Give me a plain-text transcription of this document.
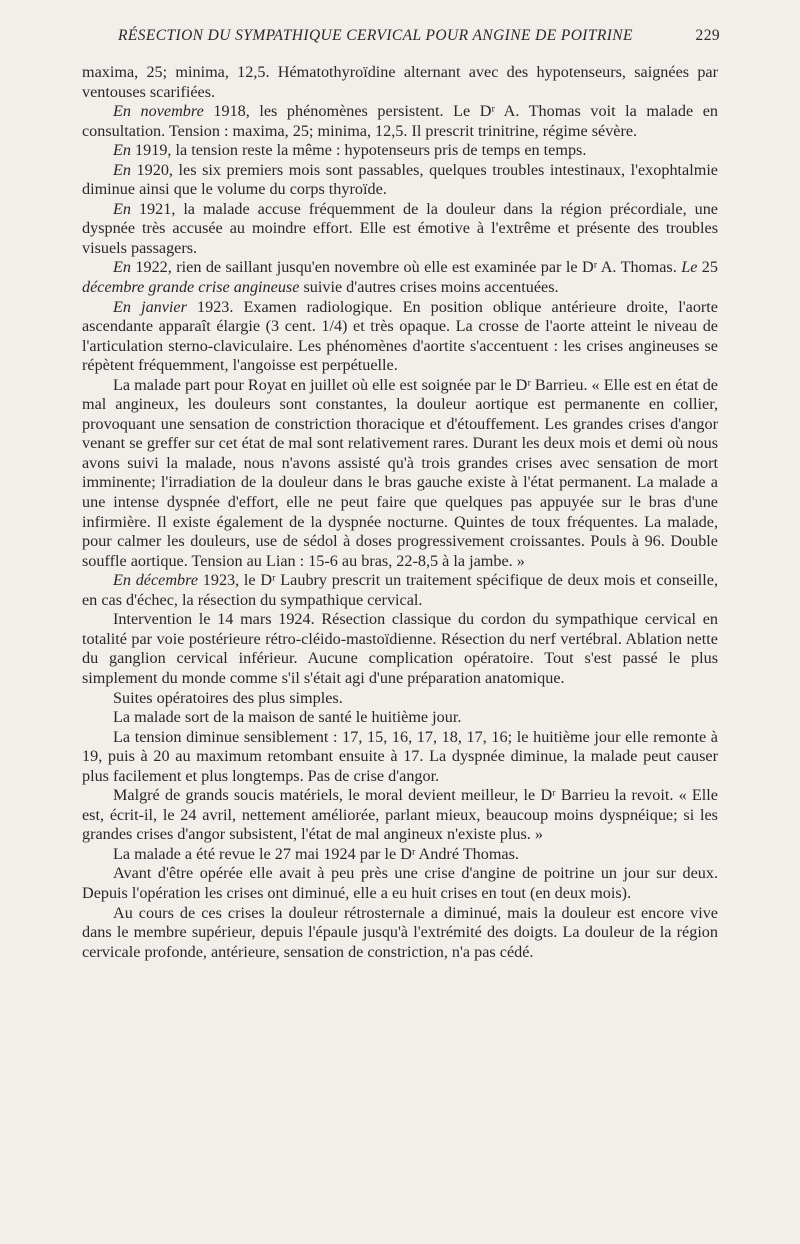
RÉSECTION DU SYMPATHIQUE CERVICAL POUR ANGINE DE POITRINE	229

maxima, 25; minima, 12,5. Hématothyroïdine alternant avec des hypotenseurs, saignées par ventouses scarifiées.

En novembre 1918, les phénomènes persistent. Le Dʳ A. Thomas voit la malade en consultation. Tension : maxima, 25; minima, 12,5. Il prescrit trinitrine, régime sévère.

En 1919, la tension reste la même : hypotenseurs pris de temps en temps.

En 1920, les six premiers mois sont passables, quelques troubles intestinaux, l'exophtalmie diminue ainsi que le volume du corps thyroïde.

En 1921, la malade accuse fréquemment de la douleur dans la région précordiale, une dyspnée très accusée au moindre effort. Elle est émotive à l'extrême et présente des troubles visuels passagers.

En 1922, rien de saillant jusqu'en novembre où elle est examinée par le Dʳ A. Thomas. Le 25 décembre grande crise angineuse suivie d'autres crises moins accentuées.

En janvier 1923. Examen radiologique. En position oblique antérieure droite, l'aorte ascendante apparaît élargie (3 cent. 1/4) et très opaque. La crosse de l'aorte atteint le niveau de l'articulation sterno-claviculaire. Les phénomènes d'aortite s'accentuent : les crises angineuses se répètent fréquemment, l'angoisse est perpétuelle.

La malade part pour Royat en juillet où elle est soignée par le Dʳ Barrieu. « Elle est en état de mal angineux, les douleurs sont constantes, la douleur aortique est permanente en collier, provoquant une sensation de constriction thoracique et d'étouffement. Les grandes crises d'angor venant se greffer sur cet état de mal sont relativement rares. Durant les deux mois et demi où nous avons suivi la malade, nous n'avons assisté qu'à trois grandes crises avec sensation de mort imminente; l'irradiation de la douleur dans le bras gauche existe à l'état permanent. La malade a une intense dyspnée d'effort, elle ne peut faire que quelques pas appuyée sur le bras d'une infirmière. Il existe également de la dyspnée nocturne. Quintes de toux fréquentes. La malade, pour calmer les douleurs, use de sédol à doses progressivement croissantes. Pouls à 96. Double souffle aortique. Tension au Lian : 15-6 au bras, 22-8,5 à la jambe. »

En décembre 1923, le Dʳ Laubry prescrit un traitement spécifique de deux mois et conseille, en cas d'échec, la résection du sympathique cervical.

Intervention le 14 mars 1924. Résection classique du cordon du sympathique cervical en totalité par voie postérieure rétro-cléido-mastoïdienne. Résection du nerf vertébral. Ablation nette du ganglion cervical inférieur. Aucune complication opératoire. Tout s'est passé le plus simplement du monde comme s'il s'était agi d'une préparation anatomique.

Suites opératoires des plus simples.

La malade sort de la maison de santé le huitième jour.

La tension diminue sensiblement : 17, 15, 16, 17, 18, 17, 16; le huitième jour elle remonte à 19, puis à 20 au maximum retombant ensuite à 17. La dyspnée diminue, la malade peut causer plus facilement et plus longtemps. Pas de crise d'angor.

Malgré de grands soucis matériels, le moral devient meilleur, le Dʳ Barrieu la revoit. « Elle est, écrit-il, le 24 avril, nettement améliorée, parlant mieux, beaucoup moins dyspnéique; si les grandes crises d'angor subsistent, l'état de mal angineux n'existe plus. »

La malade a été revue le 27 mai 1924 par le Dʳ André Thomas.

Avant d'être opérée elle avait à peu près une crise d'angine de poitrine un jour sur deux. Depuis l'opération les crises ont diminué, elle a eu huit crises en tout (en deux mois).

Au cours de ces crises la douleur rétrosternale a diminué, mais la douleur est encore vive dans le membre supérieur, depuis l'épaule jusqu'à l'extrémité des doigts. La douleur de la région cervicale profonde, antérieure, sensation de constriction, n'a pas cédé.
